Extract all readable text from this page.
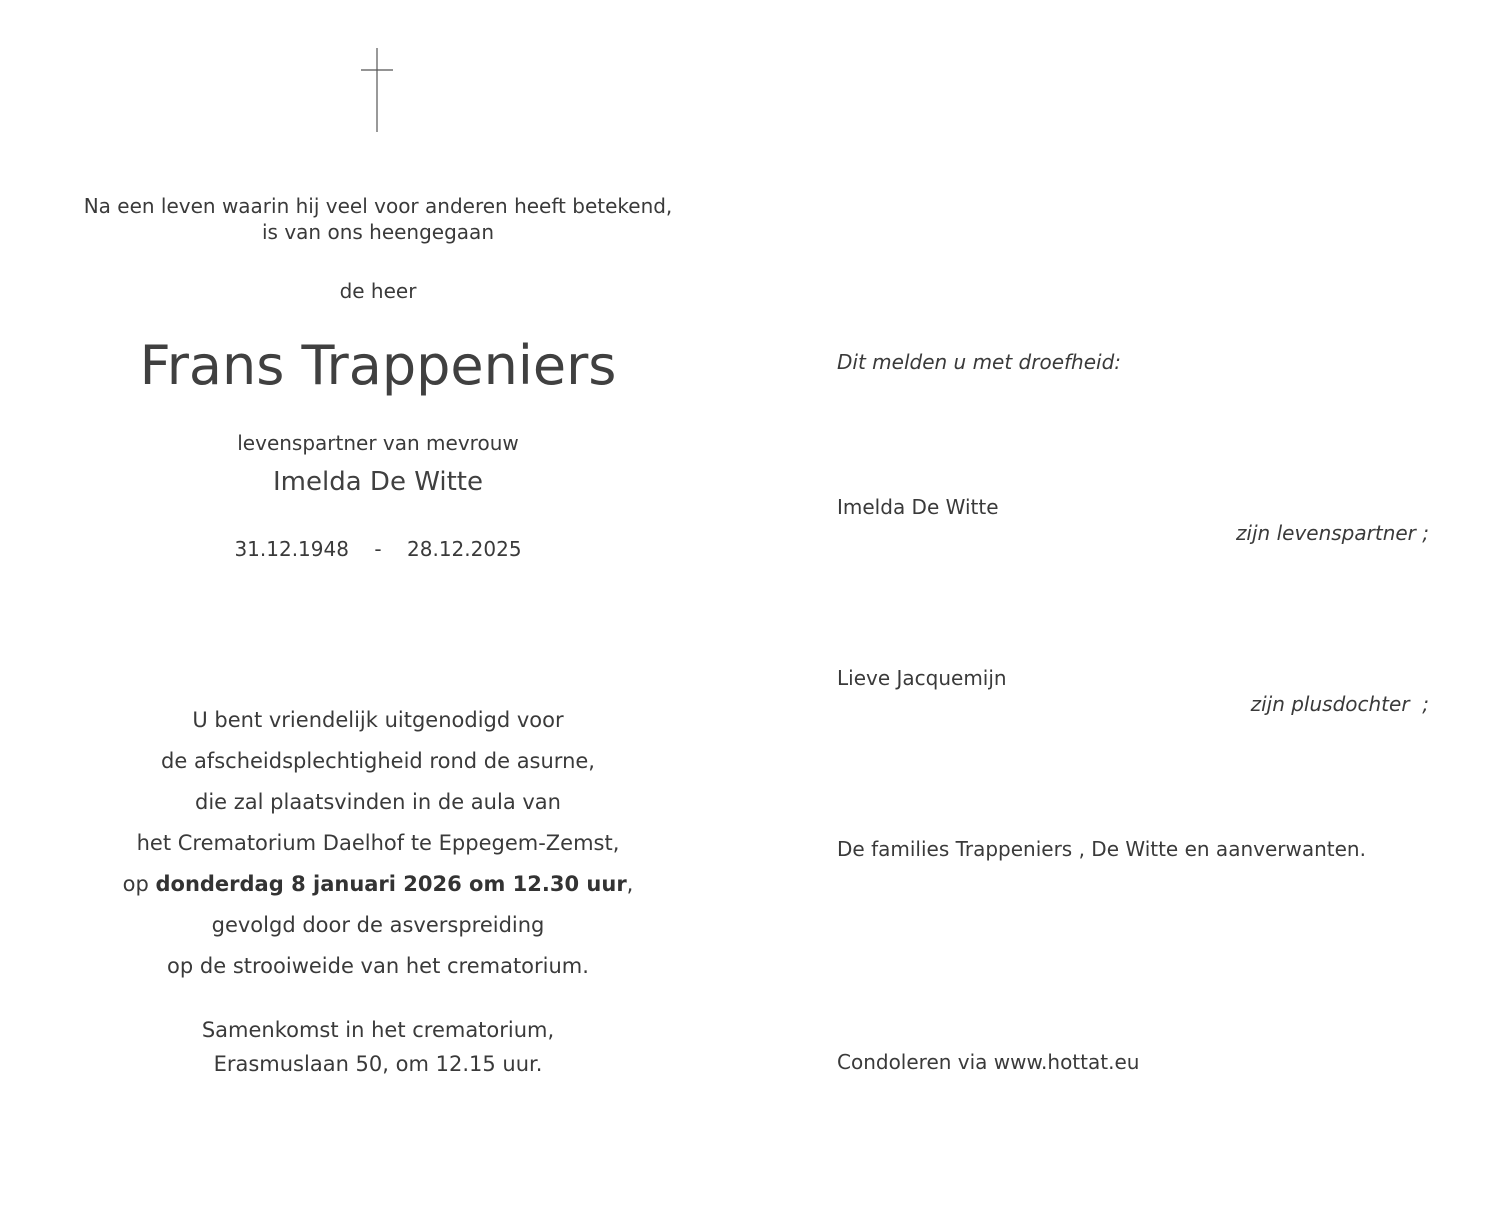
Na een leven waarin hij veel voor anderen heeft betekend,
is van ons heengegaan
de heer
Frans Trappeniers
levenspartner van mevrouw
Imelda De Witte
31.12.1948    -    28.12.2025
U bent vriendelijk uitgenodigd voor
de afscheidsplechtigheid rond de asurne,
die zal plaatsvinden in de aula van
het Crematorium Daelhof te Eppegem-Zemst,
op donderdag 8 januari 2026 om 12.30 uur,
gevolgd door de asverspreiding
op de strooiweide van het crematorium.
Samenkomst in het crematorium,
Erasmuslaan 50, om 12.15 uur.
Dit melden u met droefheid:
Imelda De Witte
zijn levenspartner ;
Lieve Jacquemijn
zijn plusdochter  ;
De families Trappeniers , De Witte en aanverwanten.
Condoleren via www.hottat.eu
